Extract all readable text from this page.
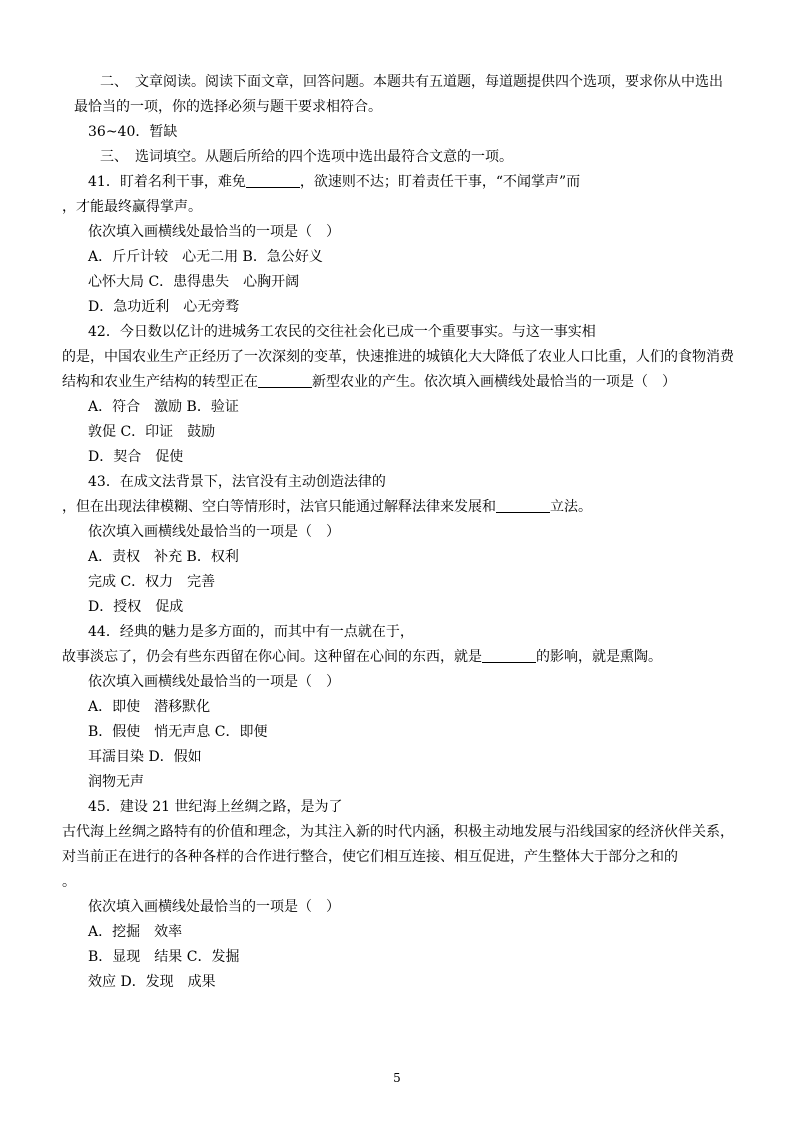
二、　文章阅读。阅读下面文章，回答问题。本题共有五道题，每道题提供四个选项，要求你从中选出
最恰当的一项，你的选择必须与题干要求相符合。
36~40．暂缺
三、　选词填空。从题后所给的四个选项中选出最符合文意的一项。
41．盯着名利干事，难免	，欲速则不达；盯着责任干事，“不闻掌声”而
，才能最终赢得掌声。
依次填入画横线处最恰当的一项是（　）
A．斤斤计较　心无二用 B．急公好义
心怀大局 C．患得患失　心胸开阔
D．急功近利　心无旁骛
42．今日数以亿计的进城务工农民的交往社会化已成一个重要事实。与这一事实相
的是，中国农业生产正经历了一次深刻的变革，快速推进的城镇化大大降低了农业人口比重，人们的食物消费
结构和农业生产结构的转型正在	新型农业的产生。依次填入画横线处最恰当的一项是（　）
A．符合　激励 B．验证
敦促 C．印证　鼓励
D．契合　促使
43．在成文法背景下，法官没有主动创造法律的
，但在出现法律模糊、空白等情形时，法官只能通过解释法律来发展和	立法。
依次填入画横线处最恰当的一项是（　）
A．责权　补充 B．权利
完成 C．权力　完善
D．授权　促成
44．经典的魅力是多方面的，而其中有一点就在于，
故事淡忘了，仍会有些东西留在你心间。这种留在心间的东西，就是	的影响，就是熏陶。
依次填入画横线处最恰当的一项是（　）
A．即使　潜移默化
B．假使　悄无声息 C．即便
耳濡目染 D．假如
润物无声
45．建设 21 世纪海上丝绸之路，是为了
古代海上丝绸之路特有的价值和理念，为其注入新的时代内涵，积极主动地发展与沿线国家的经济伙伴关系，
对当前正在进行的各种各样的合作进行整合，使它们相互连接、相互促进，产生整体大于部分之和的
。
依次填入画横线处最恰当的一项是（　）
A．挖掘　效率
B．显现　结果 C．发掘
效应 D．发现　成果
5
